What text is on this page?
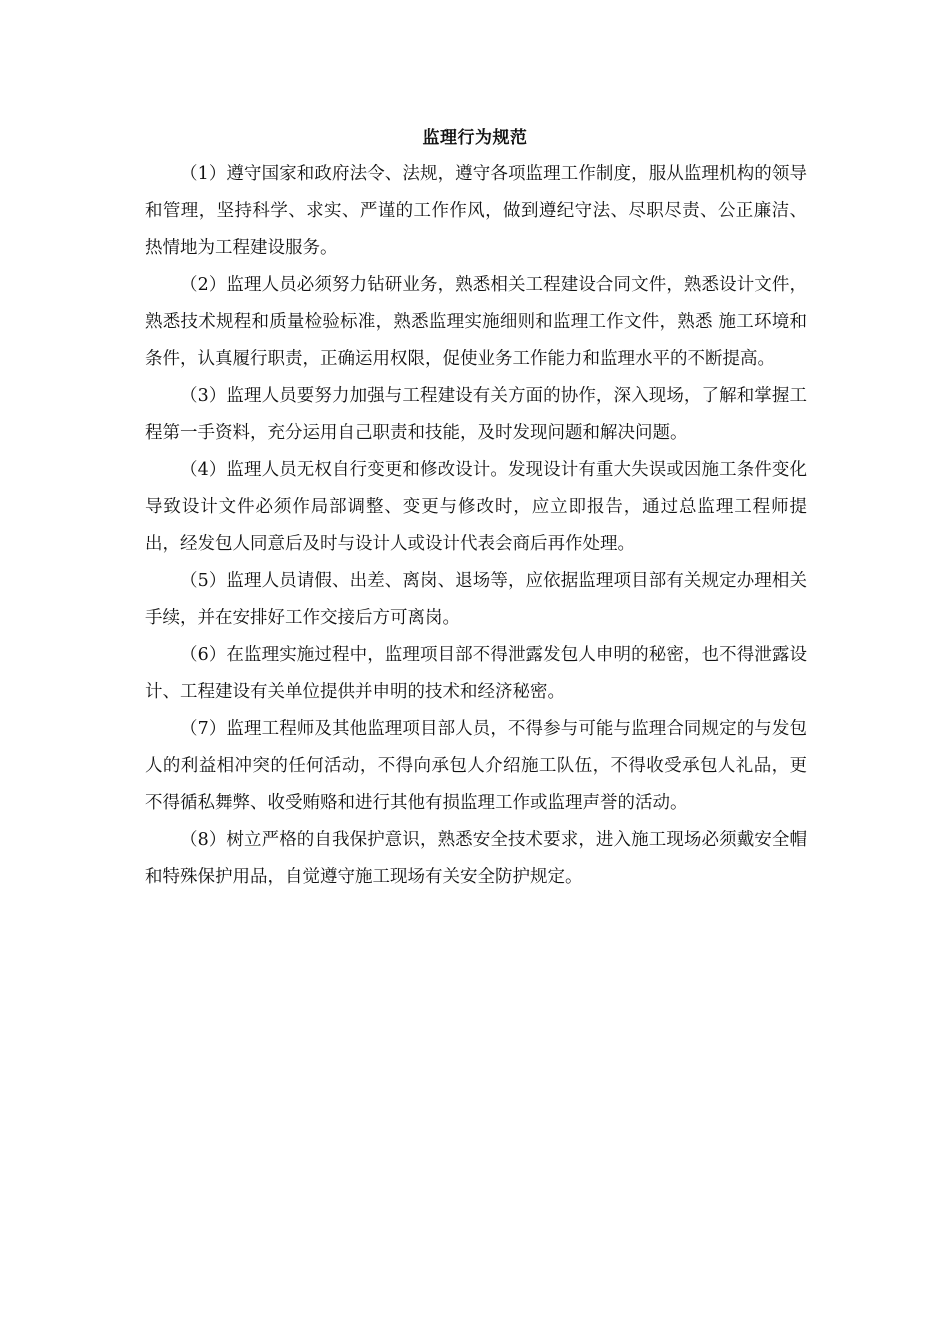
监理行为规范

（1）遵守国家和政府法令、法规，遵守各项监理工作制度，服从监理机构的领导和管理，坚持科学、求实、严谨的工作作风，做到遵纪守法、尽职尽责、公正廉洁、热情地为工程建设服务。

（2）监理人员必须努力钻研业务，熟悉相关工程建设合同文件，熟悉设计文件，熟悉技术规程和质量检验标准，熟悉监理实施细则和监理工作文件，熟悉 施工环境和条件，认真履行职责，正确运用权限，促使业务工作能力和监理水平的不断提高。

（3）监理人员要努力加强与工程建设有关方面的协作，深入现场，了解和掌握工程第一手资料，充分运用自己职责和技能，及时发现问题和解决问题。

（4）监理人员无权自行变更和修改设计。发现设计有重大失误或因施工条件变化导致设计文件必须作局部调整、变更与修改时，应立即报告，通过总监理工程师提出，经发包人同意后及时与设计人或设计代表会商后再作处理。

（5）监理人员请假、出差、离岗、退场等，应依据监理项目部有关规定办理相关手续，并在安排好工作交接后方可离岗。

（6）在监理实施过程中，监理项目部不得泄露发包人申明的秘密，也不得泄露设计、工程建设有关单位提供并申明的技术和经济秘密。

（7）监理工程师及其他监理项目部人员，不得参与可能与监理合同规定的与发包人的利益相冲突的任何活动，不得向承包人介绍施工队伍，不得收受承包人礼品，更不得循私舞弊、收受贿赂和进行其他有损监理工作或监理声誉的活动。

（8）树立严格的自我保护意识，熟悉安全技术要求，进入施工现场必须戴安全帽和特殊保护用品，自觉遵守施工现场有关安全防护规定。
